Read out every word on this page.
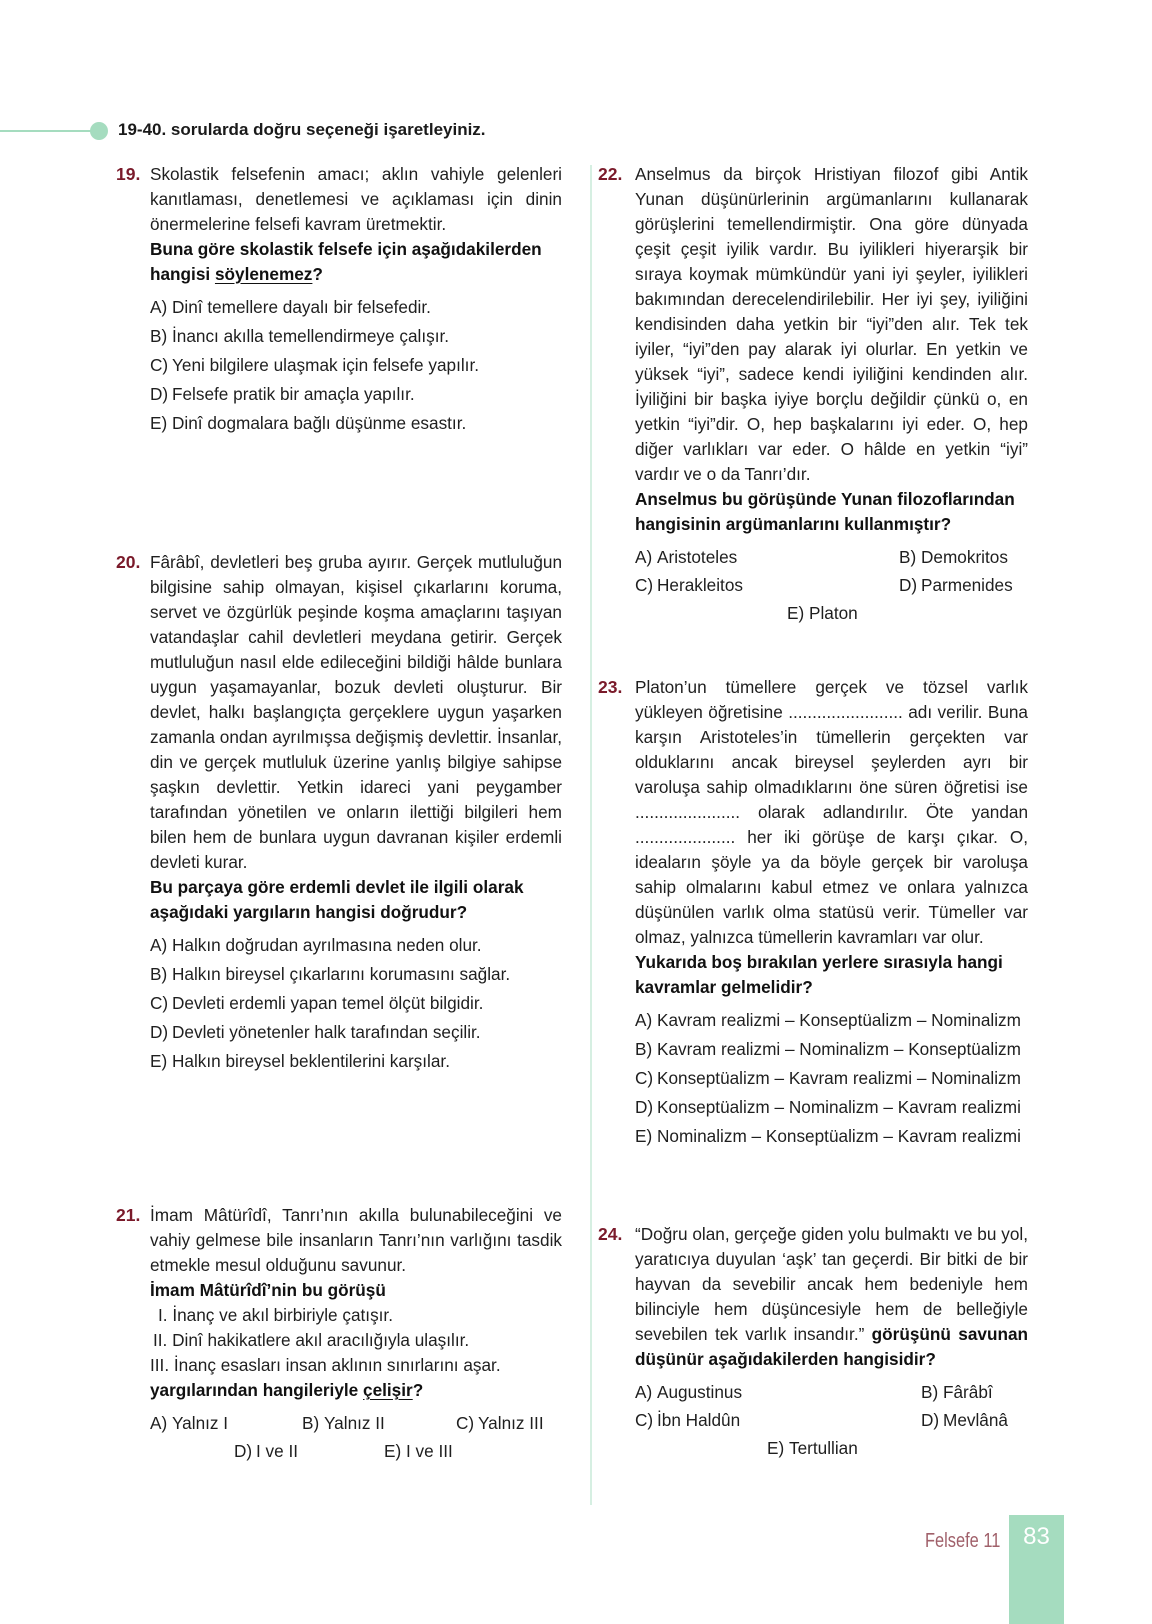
19-40. sorularda doğru seçeneği işaretleyiniz.
19. Skolastik felsefenin amacı; aklın vahiyle gelenleri kanıtlaması, denetlemesi ve açıklaması için dinin önermelerine felsefi kavram üretmektir.
Buna göre skolastik felsefe için aşağıdakilerden hangisi söylenemez?
A) Dinî temellere dayalı bir felsefedir.
B) İnancı akılla temellendirmeye çalışır.
C) Yeni bilgilere ulaşmak için felsefe yapılır.
D) Felsefe pratik bir amaçla yapılır.
E) Dinî dogmalara bağlı düşünme esastır.
20. Fârâbî, devletleri beş gruba ayırır. Gerçek mutluluğun bilgisine sahip olmayan, kişisel çıkarlarını koruma, servet ve özgürlük peşinde koşma amaçlarını taşıyan vatandaşlar cahil devletleri meydana getirir. Gerçek mutluluğun nasıl elde edileceğini bildiği hâlde bunlara uygun yaşamayanlar, bozuk devleti oluşturur. Bir devlet, halkı başlangıçta gerçeklere uygun yaşarken zamanla ondan ayrılmışsa değişmiş devlettir. İnsanlar, din ve gerçek mutluluk üzerine yanlış bilgiye sahipse şaşkın devlettir. Yetkin idareci yani peygamber tarafından yönetilen ve onların ilettiği bilgileri hem bilen hem de bunlara uygun davranan kişiler erdemli devleti kurar.
Bu parçaya göre erdemli devlet ile ilgili olarak aşağıdaki yargıların hangisi doğrudur?
A) Halkın doğrudan ayrılmasına neden olur.
B) Halkın bireysel çıkarlarını korumasını sağlar.
C) Devleti erdemli yapan temel ölçüt bilgidir.
D) Devleti yönetenler halk tarafından seçilir.
E) Halkın bireysel beklentilerini karşılar.
21. İmam Mâtürîdî, Tanrı’nın akılla bulunabileceğini ve vahiy gelmese bile insanların Tanrı’nın varlığını tasdik etmekle mesul olduğunu savunur.
İmam Mâtürîdî’nin bu görüşü
I. İnanç ve akıl birbiriyle çatışır.
II. Dinî hakikatlere akıl aracılığıyla ulaşılır.
III. İnanç esasları insan aklının sınırlarını aşar.
yargılarından hangileriyle çelişir?
A) Yalnız I	B) Yalnız II	C) Yalnız III
D) I ve II	E) I ve III
22. Anselmus da birçok Hristiyan filozof gibi Antik Yunan düşünürlerinin argümanlarını kullanarak görüşlerini temellendirmiştir. Ona göre dünyada çeşit çeşit iyilik vardır. Bu iyilikleri hiyerarşik bir sıraya koymak mümkündür yani iyi şeyler, iyilikleri bakımından derecelendirilebilir. Her iyi şey, iyiliğini kendisinden daha yetkin bir “iyi”den alır. Tek tek iyiler, “iyi”den pay alarak iyi olurlar. En yetkin ve yüksek “iyi”, sadece kendi iyiliğini kendinden alır. İyiliğini bir başka iyiye borçlu değildir çünkü o, en yetkin “iyi”dir. O, hep başkalarını iyi eder. O, hep diğer varlıkları var eder. O hâlde en yetkin “iyi” vardır ve o da Tanrı’dır.
Anselmus bu görüşünde Yunan filozoflarından hangisinin argümanlarını kullanmıştır?
A) Aristoteles	B) Demokritos
C) Herakleitos	D) Parmenides
E) Platon
23. Platon’un tümellere gerçek ve tözsel varlık yükleyen öğretisine ........................ adı verilir. Buna karşın Aristoteles’in tümellerin gerçekten var olduklarını ancak bireysel şeylerden ayrı bir varoluşa sahip olmadıklarını öne süren öğretisi ise ...................... olarak adlandırılır. Öte yandan ..................... her iki görüşe de karşı çıkar. O, ideaların şöyle ya da böyle gerçek bir varoluşa sahip olmalarını kabul etmez ve onlara yalnızca düşünülen varlık olma statüsü verir. Tümeller var olmaz, yalnızca tümellerin kavramları var olur.
Yukarıda boş bırakılan yerlere sırasıyla hangi kavramlar gelmelidir?
A) Kavram realizmi – Konseptüalizm – Nominalizm
B) Kavram realizmi – Nominalizm – Konseptüalizm
C) Konseptüalizm – Kavram realizmi – Nominalizm
D) Konseptüalizm – Nominalizm – Kavram realizmi
E) Nominalizm – Konseptüalizm – Kavram realizmi
24. “Doğru olan, gerçeğe giden yolu bulmaktı ve bu yol, yaratıcıya duyulan ‘aşk’ tan geçerdi. Bir bitki de bir hayvan da sevebilir ancak hem bedeniyle hem bilinciyle hem düşüncesiyle hem de belleğiyle sevebilen tek varlık insandır.” görüşünü savunan düşünür aşağıdakilerden hangisidir?
A) Augustinus	B) Fârâbî
C) İbn Haldûn	D) Mevlânâ
E) Tertullian
Felsefe 11 83
